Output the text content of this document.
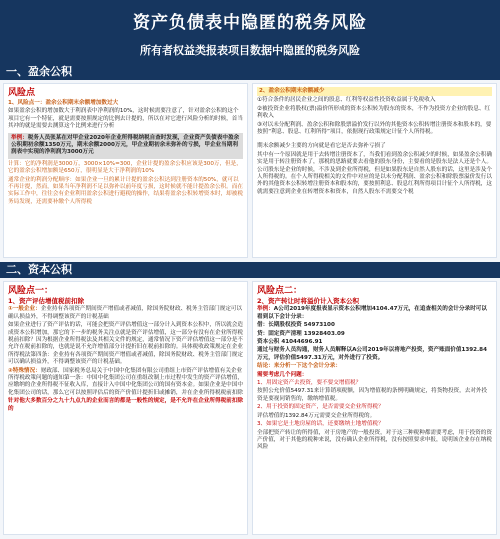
资产负债表中隐匿的税务风险
所有者权益类报表项目数据中隐匿的税务风险
一、盈余公积
风险点
1、风险点一：盈余公积期末余额增加数过大
如果盈余公积的增加数大于利润表中净利润的10%，这时候需要注意了，针对盈余公积的这个项目它有一个特征，就是需要按照规定的比例去计提的，所以在对它进行风险分析的时候，首当其冲的就是需要去测算这个比例来进行分析
举例：税务人员张某在对甲企业2020年企业所得税纳税自查时发现，企业资产负债表中盈余公积期初余额1350万元，期末余额2000万元，甲企业期初余未弥补的亏损，甲企业当期利润表中实现的净利润为3000万元
计算：它的净利润是3000万，3000×10%=300，企业计提的盈余公积应该是300万，但是，它的盈余公积增加额是650万，很明显是大于净利润的10%
通常企业的利润分配顺序：如果企业一旦的累计计提的盈余公积达到注册资本的50%，就可以不再计提，然而，如果当年净利润不足以弥补以前年度亏损，这时候就不能计提盈余公积。而在实际工作中，往往会有企业利用盈余公积进行避税的操作，结果将盈余公积转增资本时，却被税务局发现，还需要补缴个人所得税
2、盈余公积期末余额减少
①符合条件的居民企业之间的股息、红利等权益性投资收益属于免税收入
②被投资企业将股权(票)溢价所形成的资本公积转为股东的资本，不作为投资方企业的股息、红利收入
③对以未分配利润、盈余公积和除股票溢价发行以外的其他资本公积转增注册资本和股本的，要按照“利息、股息、红利所得”项目，依据现行政策规定计征个人所得税。
期末余额减少主要的方向就是看它是否去弥补亏损了
其中有一个原因就是用于去转增注册资本了，当我们看到盈余公积减少的时候，如果盈余公积确实是用于转注册资本了，那税的思路就要去看他的股东身份，主要看的是股东是法人还是个人。公司股东是企业的时候，不涉及到企业所得税，但是如果股东是自然人股东的话，这里是涉及个人所得税的。在个人所得税相关的文件中对应的是以未分配利润、盈余公积和除股票溢价发行以外的其他资本公积转增注册资本和股本的，要按照利息、股息红利所得项目计征个人所得税，这就需要注意到企业在转增资本和资本，自然人股东不需要交个税
二、资本公积
风险点一：
1、资产评估增值税前扣除
①一般企业：企业持有各项资产期间资产增值或者减值，除国务院财政、税务主管部门规定可以确认损益外，不得调整该资产的计税基础
如果企业进行了资产评估的话，可能会把资产评估增值这一部分计入到资本公积中，所以就会造成资本公积增加，那它的下一步的税务关注点就是资产评估增值，这一部分有没有在企业所得税税前扣除？因为根据企业所得税法及其相关文件的规定，通常情况下资产评估增值这一部分是不允许在税前扣除的，也就是说不允许增值部分计提折旧在税前扣除的。具体税收政策规定在企业所得税法第四条：企业持有各项资产期间资产增值或者减值，除国务院财政、税务主管部门规定可以确认损益外，不得调整该资产的计税基础。
②特殊情况：财政部、国家税务总局关于中国中化集团有限公司重组上市资产评估增值有关企业所得税政策问题的通知第一条：中国中化集团公司在重组改制上市过程中发生的资产评估增值，应缴纳的企业所得税不征收入库，直接计入中国中化集团公司的国有资本金。如果企业是中国中化集团公司的话，那么它可以按照评估后的资产价值计提折旧或摊销，并在企业所得税税前扣除
针对他大多数百分之九十九点九的企业而言的都是一般性的规定，是不允许在企业所得税前扣除的
风险点二：
2、资产转让时将溢价计入资本公积
举例：A公司2019年度报表显示资本公积增加4104.47万元，在追查相关的会计分录时可以看到以下会计分录：
借：长期股权投资 54973100
贷：固定资产清理 13928403.09
资本公积 41044696.91
通过与财务人员沟通，财务人员解释以A公司2019年以将地产投资，资产账面价值1392.84万元，评估价值5497.31万元，对外进行了投资。
结论：来分析一下这个会计分录：
需要考虑几个问题：
1、用固定资产去投资，要不要交增值税？
按照公允价值5497.31来计算销项税额，因为增值税的条例明确规定，将货物投资，去对外投资是要视同销售的，缴纳增值税。
2、用于投资的固定资产，是否需要交企业所得税？
评估增值的1392.84万元需要交企业所得税的。
3、如果它是土地房屋的话，还要缴纳土地增值税？
全部把资产转让的所得值，对于房地产的一般投资，对于这三种税种都需要考虑，用于投资的资产价值，对于其他的税种来说，没有确认企业所得税，没有按照要求申报，说明该企业存在纳税风险
